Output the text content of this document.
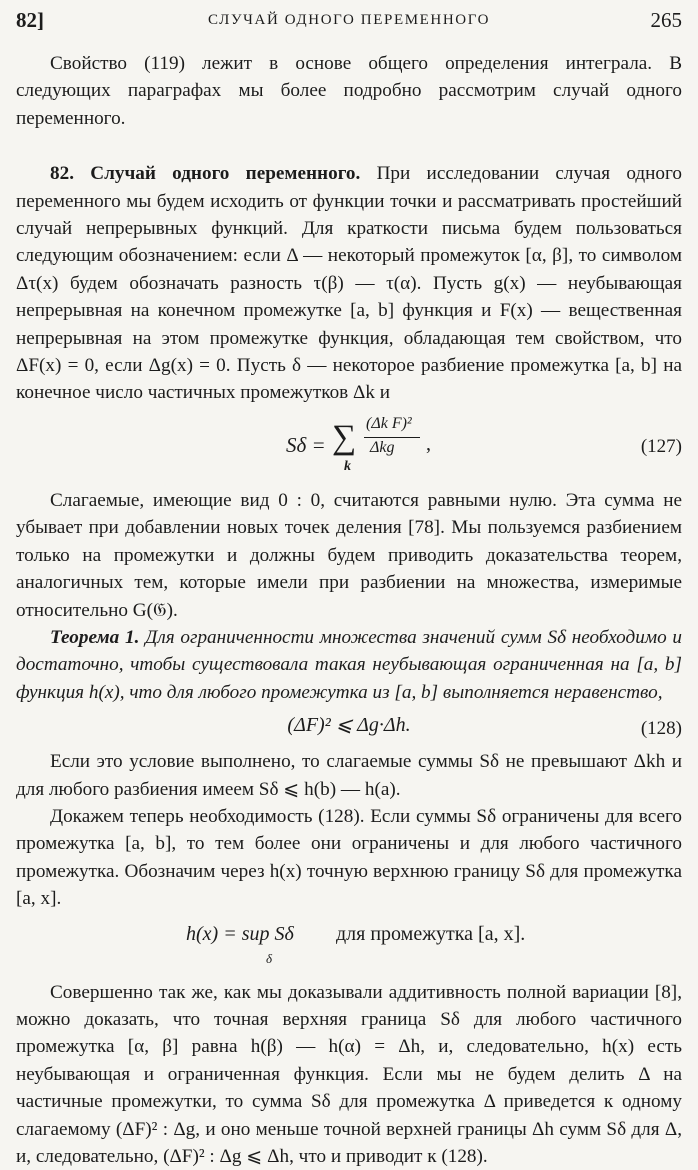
82]	СЛУЧАЙ ОДНОГО ПЕРЕМЕННОГО	265

Свойство (119) лежит в основе общего определения интеграла. В следующих параграфах мы более подробно рассмотрим случай одного переменного.

82. Случай одного переменного. При исследовании случая одного переменного мы будем исходить от функции точки и рассматривать простейший случай непрерывных функций. Для краткости письма будем пользоваться следующим обозначением: если Δ — некоторый промежуток [α, β], то символом Δτ(x) будем обозначать разность τ(β) — τ(α). Пусть g(x) — неубывающая непрерывная на конечном промежутке [a, b] функция и F(x) — вещественная непрерывная на этом промежутке функция, обладающая тем свойством, что ΔF(x) = 0, если Δg(x) = 0. Пусть δ — некоторое разбиение промежутка [a, b] на конечное число частичных промежутков Δk и

Sδ = ∑
k
(Δk F)²
Δkg ,	(127)

Слагаемые, имеющие вид 0 : 0, считаются равными нулю. Эта сумма не убывает при добавлении новых точек деления [78]. Мы пользуемся разбиением только на промежутки и должны будем приводить доказательства теорем, аналогичных тем, которые имели при разбиении на множества, измеримые относительно G(𝔊).

Теорема 1. Для ограниченности множества значений сумм Sδ необходимо и достаточно, чтобы существовала такая неубывающая ограниченная на [a, b] функция h(x), что для любого промежутка из [a, b] выполняется неравенство,

(ΔF)² ⩽ Δg·Δh.	(128)

Если это условие выполнено, то слагаемые суммы Sδ не превышают Δkh и для любого разбиения имеем Sδ ⩽ h(b) — h(a).

Докажем теперь необходимость (128). Если суммы Sδ ограничены для всего промежутка [a, b], то тем более они ограничены и для любого частичного промежутка. Обозначим через h(x) точную верхнюю границу Sδ для промежутка [a, x].

h(x) = sup Sδ
δ
для промежутка [a, x].

Совершенно так же, как мы доказывали аддитивность полной вариации [8], можно доказать, что точная верхняя граница Sδ для любого частичного промежутка [α, β] равна h(β) — h(α) = Δh, и, следовательно, h(x) есть неубывающая и ограниченная функция. Если мы не будем делить Δ на частичные промежутки, то сумма Sδ для промежутка Δ приведется к одному слагаемому (ΔF)² : Δg, и оно меньше точной верхней границы Δh сумм Sδ для Δ, и, следовательно, (ΔF)² : Δg ⩽ Δh, что и приводит к (128).
